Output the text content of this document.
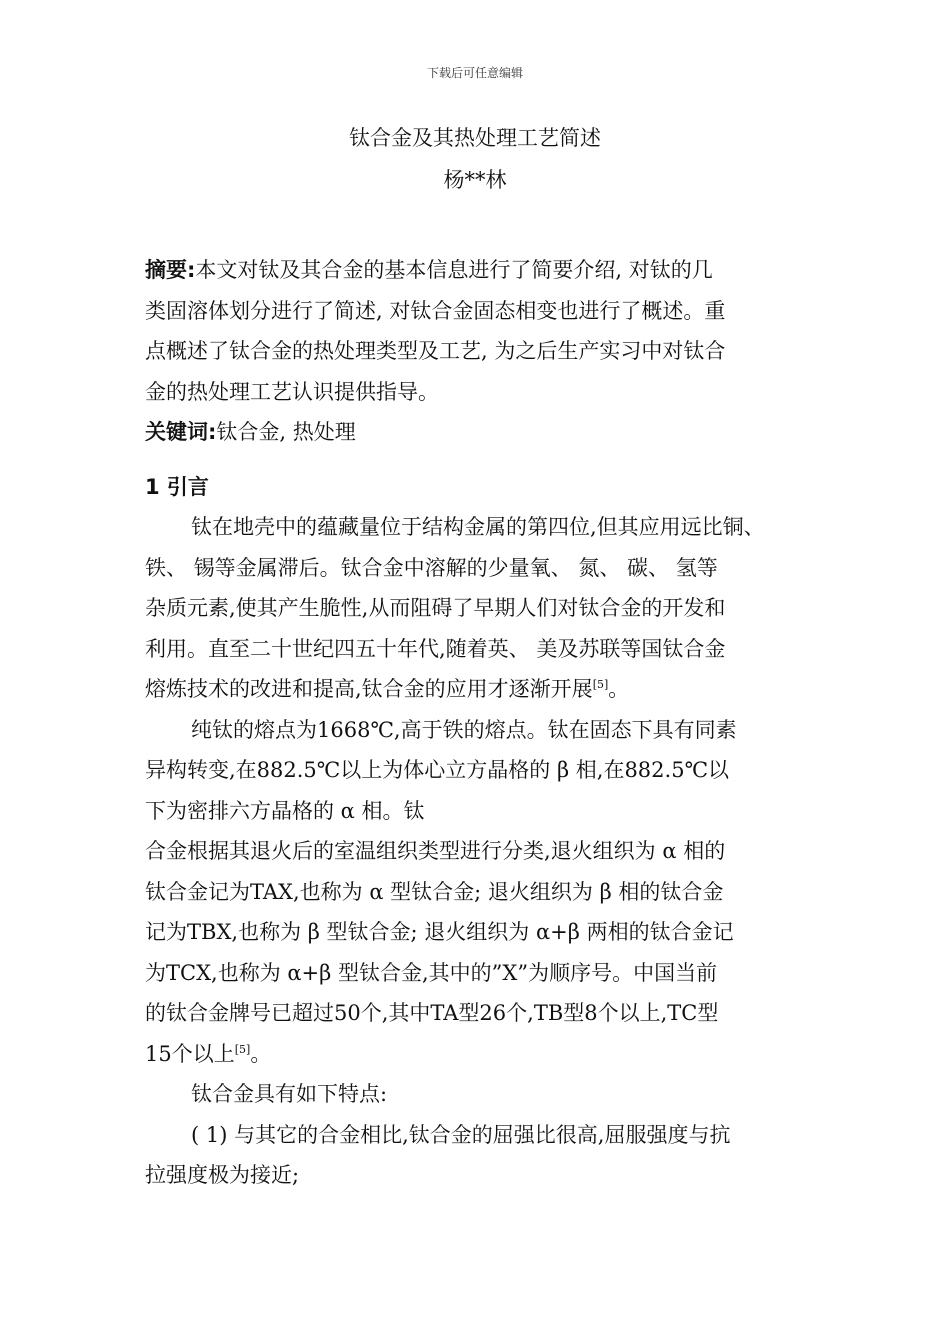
下载后可任意编辑
钛合金及其热处理工艺简述
杨**林
摘要:本文对钛及其合金的基本信息进行了简要介绍, 对钛的几
类固溶体划分进行了简述, 对钛合金固态相变也进行了概述。重
点概述了钛合金的热处理类型及工艺, 为之后生产实习中对钛合
金的热处理工艺认识提供指导。
关键词:钛合金, 热处理
1 引言
钛在地壳中的蕴藏量位于结构金属的第四位,但其应用远比铜、
铁、 锡等金属滞后。钛合金中溶解的少量氧、 氮、 碳、 氢等
杂质元素,使其产生脆性,从而阻碍了早期人们对钛合金的开发和
利用。直至二十世纪四五十年代,随着英、 美及苏联等国钛合金
熔炼技术的改进和提高,钛合金的应用才逐渐开展[5]。
纯钛的熔点为1668℃,高于铁的熔点。钛在固态下具有同素
异构转变,在882.5℃以上为体心立方晶格的 β 相,在882.5℃以
下为密排六方晶格的 α 相。钛
合金根据其退火后的室温组织类型进行分类,退火组织为 α 相的
钛合金记为TAX,也称为 α 型钛合金; 退火组织为 β 相的钛合金
记为TBX,也称为 β 型钛合金; 退火组织为 α+β 两相的钛合金记
为TCX,也称为 α+β 型钛合金,其中的”X”为顺序号。中国当前
的钛合金牌号已超过50个,其中TA型26个,TB型8个以上,TC型
15个以上[5]。
钛合金具有如下特点:
( 1) 与其它的合金相比,钛合金的屈强比很高,屈服强度与抗
拉强度极为接近;
